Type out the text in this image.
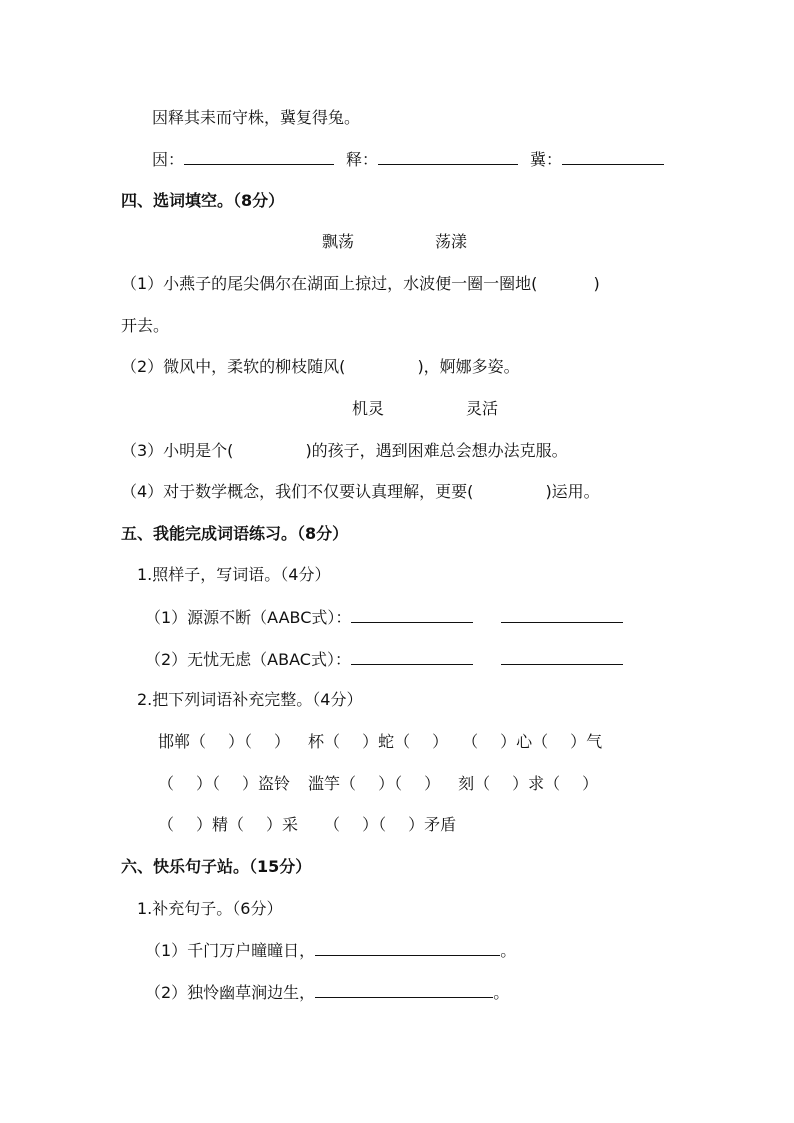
因释其耒而守株，冀复得兔。
因：	释：	冀：
四、选词填空。（8分）
飘荡	荡漾
（1）小燕子的尾尖偶尔在湖面上掠过，水波便一圈一圈地(	)
开去。
（2）微风中，柔软的柳枝随风(	)，婀娜多姿。
机灵	灵活
（3）小明是个(	)的孩子，遇到困难总会想办法克服。
（4）对于数学概念，我们不仅要认真理解，更要(	)运用。
五、我能完成词语练习。（8分）
1.照样子，写词语。（4分）
（1）源源不断（AABC式）：
（2）无忧无虑（ABAC式）：
2.把下列词语补充完整。（4分）
邯郸（ ）（ ） 杯（ ）蛇（ ） （ ）心（ ）气
（ ）（ ）盗铃 滥竽（ ）（ ） 刻（ ）求（ ）
（ ）精（ ）采 （ ）（ ）矛盾
六、快乐句子站。（15分）
1.补充句子。（6分）
（1）千门万户曈曈日，	。
（2）独怜幽草涧边生，	。
